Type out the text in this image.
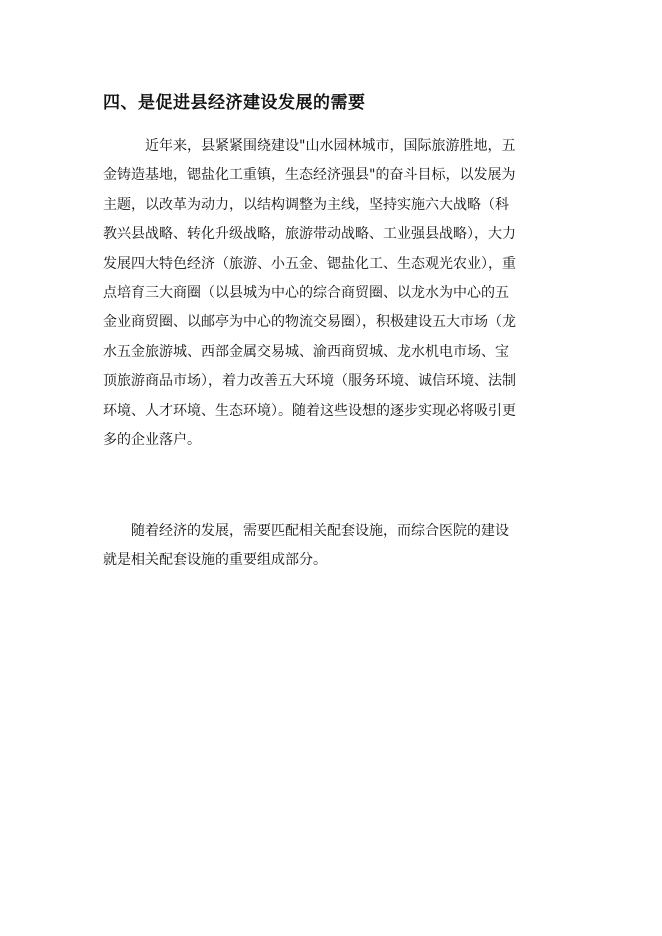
四、是促进县经济建设发展的需要
　　　近年来，县紧紧围绕建设"山水园林城市，国际旅游胜地，五
金铸造基地，锶盐化工重镇，生态经济强县"的奋斗目标，以发展为
主题，以改革为动力，以结构调整为主线，坚持实施六大战略（科
教兴县战略、转化升级战略，旅游带动战略、工业强县战略），大力
发展四大特色经济（旅游、小五金、锶盐化工、生态观光农业），重
点培育三大商圈（以县城为中心的综合商贸圈、以龙水为中心的五
金业商贸圈、以邮亭为中心的物流交易圈），积极建设五大市场（龙
水五金旅游城、西部金属交易城、渝西商贸城、龙水机电市场、宝
顶旅游商品市场），着力改善五大环境（服务环境、诚信环境、法制
环境、人才环境、生态环境）。随着这些设想的逐步实现必将吸引更
多的企业落户。
　　随着经济的发展，需要匹配相关配套设施，而综合医院的建设
就是相关配套设施的重要组成部分。
